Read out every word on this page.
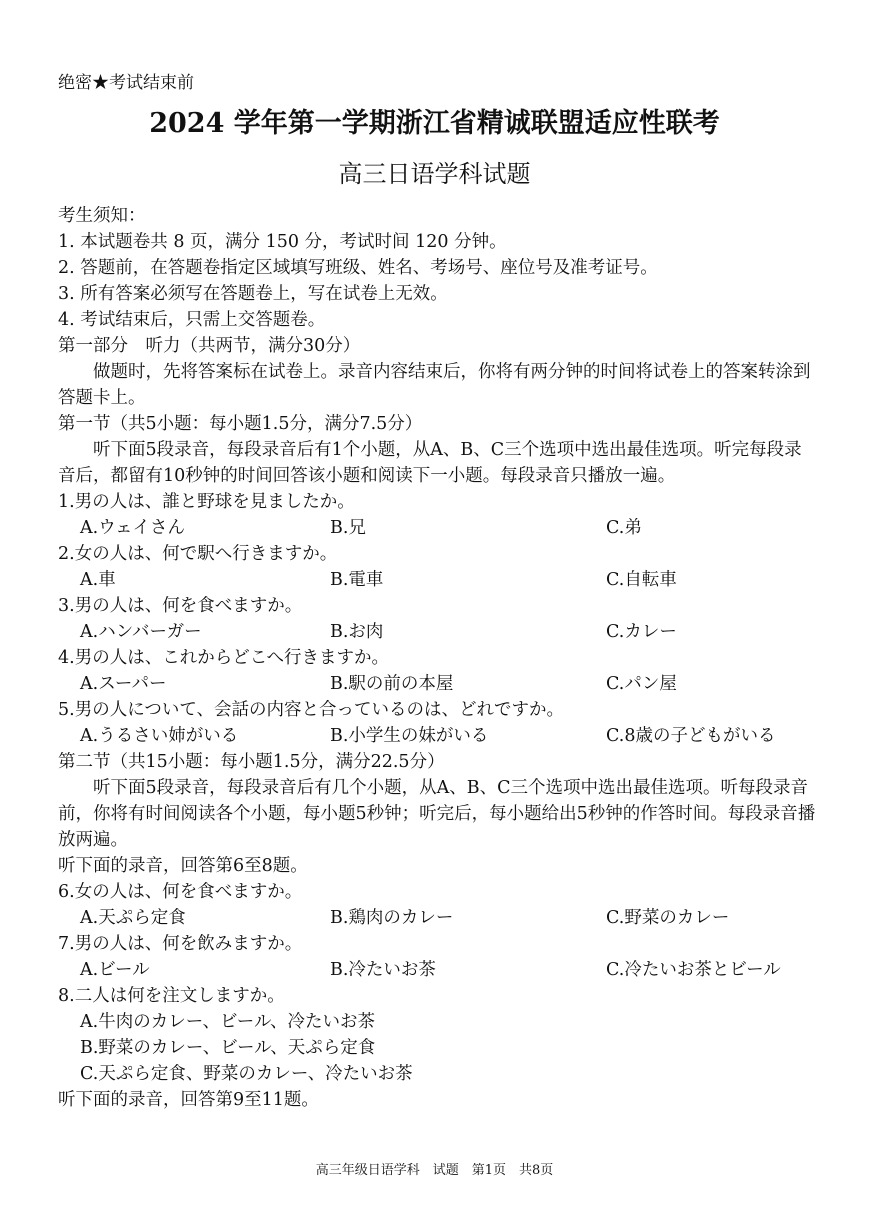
绝密★考试结束前
2024 学年第一学期浙江省精诚联盟适应性联考
高三日语学科试题
考生须知：
1. 本试题卷共 8 页，满分 150 分，考试时间 120 分钟。
2. 答题前，在答题卷指定区域填写班级、姓名、考场号、座位号及准考证号。
3. 所有答案必须写在答题卷上，写在试卷上无效。
4. 考试结束后，只需上交答题卷。
第一部分　听力（共两节，满分30分）
做题时，先将答案标在试卷上。录音内容结束后，你将有两分钟的时间将试卷上的答案转涂到答题卡上。
第一节（共5小题：每小题1.5分，满分7.5分）
听下面5段录音，每段录音后有1个小题，从A、B、C三个选项中选出最佳选项。听完每段录音后，都留有10秒钟的时间回答该小题和阅读下一小题。每段录音只播放一遍。
1.男の人は、誰と野球を見ましたか。
A.ウェイさん	B.兄	C.弟
2.女の人は、何で駅へ行きますか。
A.車	B.電車	C.自転車
3.男の人は、何を食べますか。
A.ハンバーガー	B.お肉	C.カレー
4.男の人は、これからどこへ行きますか。
A.スーパー	B.駅の前の本屋	C.パン屋
5.男の人について、会話の内容と合っているのは、どれですか。
A.うるさい姉がいる	B.小学生の妹がいる	C.8歳の子どもがいる
第二节（共15小题：每小题1.5分，满分22.5分）
听下面5段录音，每段录音后有几个小题，从A、B、C三个选项中选出最佳选项。听每段录音前，你将有时间阅读各个小题，每小题5秒钟；听完后，每小题给出5秒钟的作答时间。每段录音播放两遍。
听下面的录音，回答第6至8题。
6.女の人は、何を食べますか。
A.天ぷら定食	B.鶏肉のカレー	C.野菜のカレー
7.男の人は、何を飲みますか。
A.ビール	B.冷たいお茶	C.冷たいお茶とビール
8.二人は何を注文しますか。
A.牛肉のカレー、ビール、冷たいお茶
B.野菜のカレー、ビール、天ぷら定食
C.天ぷら定食、野菜のカレー、冷たいお茶
听下面的录音，回答第9至11题。
高三年级日语学科　试题　第1页　共8页
